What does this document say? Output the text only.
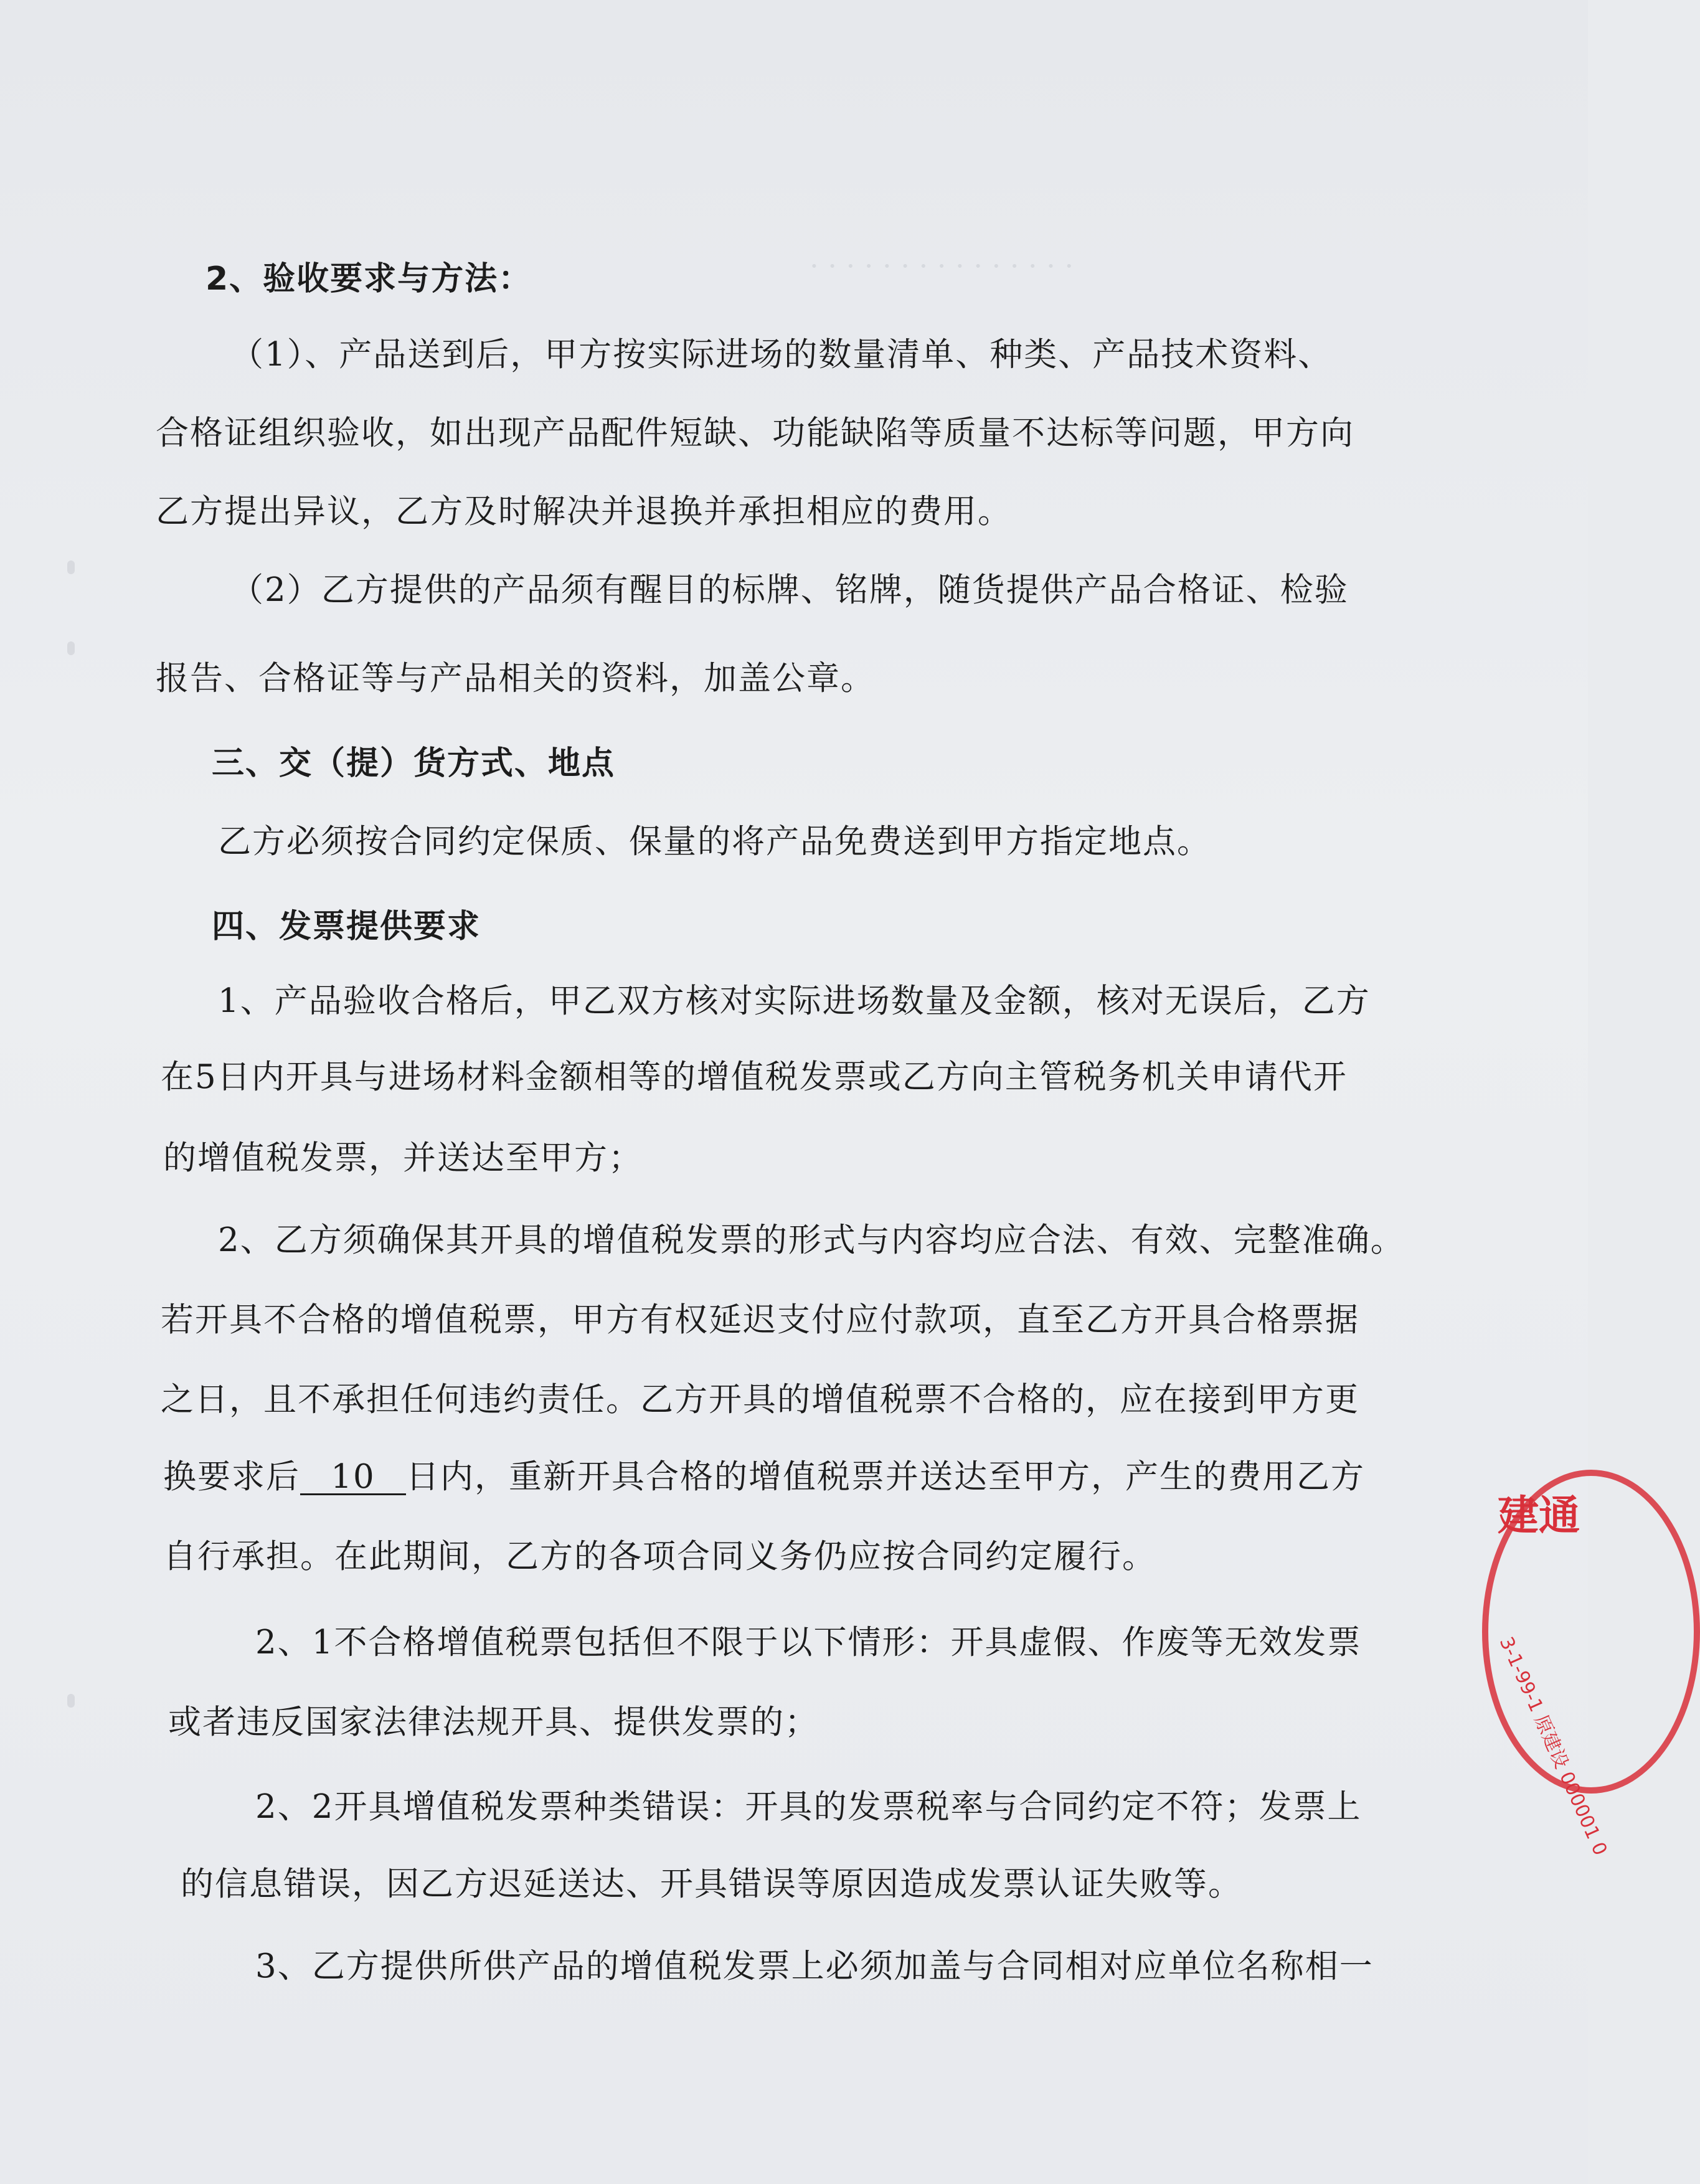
· · · · · · · · · · · · · · ·
2、验收要求与方法：
（1）、产品送到后，甲方按实际进场的数量清单、种类、产品技术资料、
合格证组织验收，如出现产品配件短缺、功能缺陷等质量不达标等问题，甲方向
乙方提出异议，乙方及时解决并退换并承担相应的费用。
（2）乙方提供的产品须有醒目的标牌、铭牌，随货提供产品合格证、检验
报告、合格证等与产品相关的资料，加盖公章。
三、交（提）货方式、地点
乙方必须按合同约定保质、保量的将产品免费送到甲方指定地点。
四、发票提供要求
1、产品验收合格后，甲乙双方核对实际进场数量及金额，核对无误后，乙方
在5日内开具与进场材料金额相等的增值税发票或乙方向主管税务机关申请代开
的增值税发票，并送达至甲方；
2、乙方须确保其开具的增值税发票的形式与内容均应合法、有效、完整准确。
若开具不合格的增值税票，甲方有权延迟支付应付款项，直至乙方开具合格票据
之日，且不承担任何违约责任。乙方开具的增值税票不合格的，应在接到甲方更
换要求后 10 日内，重新开具合格的增值税票并送达至甲方，产生的费用乙方
自行承担。在此期间，乙方的各项合同义务仍应按合同约定履行。
2、1不合格增值税票包括但不限于以下情形：开具虚假、作废等无效发票
或者违反国家法律法规开具、提供发票的；
2、2开具增值税发票种类错误：开具的发票税率与合同约定不符；发票上
的信息错误，因乙方迟延送达、开具错误等原因造成发票认证失败等。
3、乙方提供所供产品的增值税发票上必须加盖与合同相对应单位名称相一
建通
3-1-99-1 原建设 000001 0
